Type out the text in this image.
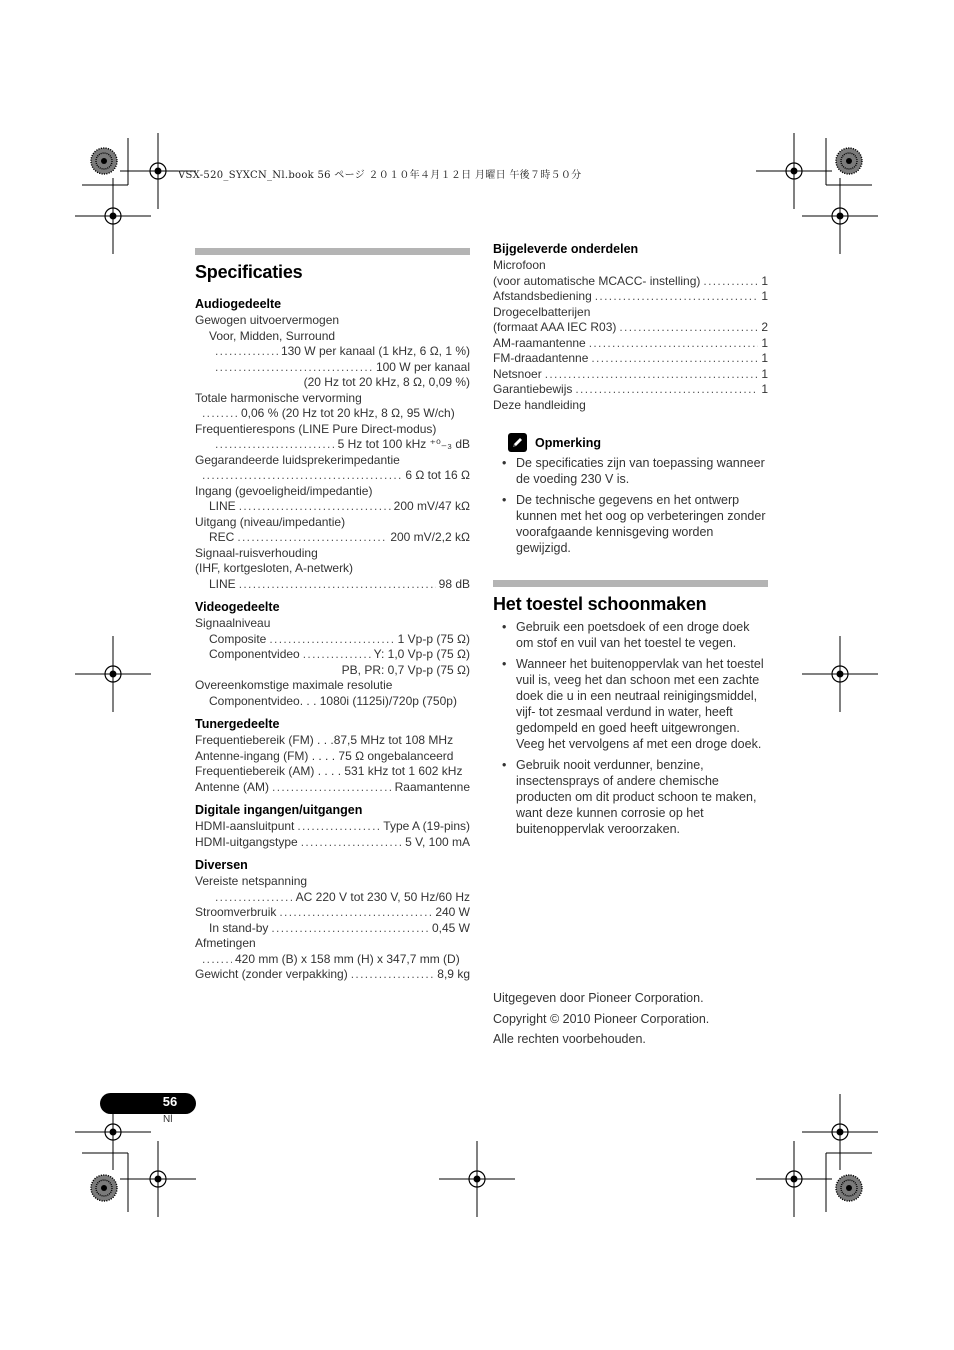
VSX-520_SYXCN_Nl.book 56 ページ ２０１０年４月１２日 月曜日 午後７時５０分
Specificaties
Audiogedeelte
Gewogen uitvoervermogen
Voor, Midden, Surround
. . .
130 W per kanaal (1 kHz, 6 Ω, 1 %)
. . .
100 W per kanaal
(20 Hz tot 20 kHz, 8 Ω, 0,09 %)
Totale harmonische vervorming
. . .
0,06 % (20 Hz tot 20 kHz, 8 Ω, 95 W/ch)
Frequentierespons (LINE Pure Direct-modus)
. . .
5 Hz tot 100 kHz ⁺⁰₋₃ dB
Gegarandeerde luidsprekerimpedantie
. . .
6 Ω tot 16 Ω
Ingang (gevoeligheid/impedantie)
LINE . . .	200 mV/47 kΩ
Uitgang (niveau/impedantie)
REC . . .	200 mV/2,2 kΩ
Signaal-ruisverhouding
(IHF, kortgesloten, A-netwerk)
LINE . . .	98 dB
Videogedeelte
Signaalniveau
Composite . . .	1 Vp-p (75 Ω)
Componentvideo . . .	Y: 1,0 Vp-p (75 Ω)
PB, PR: 0,7 Vp-p (75 Ω)
Overeenkomstige maximale resolutie
Componentvideo. . . 1080i (1125i)/720p (750p)
Tunergedeelte
Frequentiebereik (FM) . . .87,5 MHz tot 108 MHz
Antenne-ingang (FM) . . . . 75 Ω ongebalanceerd
Frequentiebereik (AM) . . . . 531 kHz tot 1 602 kHz
Antenne (AM) . . .	Raamantenne
Digitale ingangen/uitgangen
HDMI-aansluitpunt . . .	Type A (19-pins)
HDMI-uitgangstype . . .	5 V, 100 mA
Diversen
Vereiste netspanning
. . .
AC 220 V tot 230 V, 50 Hz/60 Hz
Stroomverbruik . . .	240 W
In stand-by . . .	0,45 W
Afmetingen
. . .
420 mm (B) x 158 mm (H) x 347,7 mm (D)
Gewicht (zonder verpakking) . . .	8,9 kg
Bijgeleverde onderdelen
Microfoon
(voor automatische MCACC- instelling) . . .	1
Afstandsbediening . . .	1
Drogecelbatterijen
(formaat AAA IEC R03) . . .	2
AM-raamantenne . . .	1
FM-draadantenne . . .	1
Netsnoer . . .	1
Garantiebewijs . . .	1
Deze handleiding
Opmerking
• De specificaties zijn van toepassing wanneer de voeding 230 V is.
• De technische gegevens en het ontwerp kunnen met het oog op verbeteringen zonder voorafgaande kennisgeving worden gewijzigd.
Het toestel schoonmaken
• Gebruik een poetsdoek of een droge doek om stof en vuil van het toestel te vegen.
• Wanneer het buitenoppervlak van het toestel vuil is, veeg het dan schoon met een zachte doek die u in een neutraal reinigingsmiddel, vijf- tot zesmaal verdund in water, heeft gedompeld en goed heeft uitgewrongen. Veeg het vervolgens af met een droge doek.
• Gebruik nooit verdunner, benzine, insectensprays of andere chemische producten om dit product schoon te maken, want deze kunnen corrosie op het buitenoppervlak veroorzaken.
Uitgegeven door Pioneer Corporation.
Copyright © 2010 Pioneer Corporation.
Alle rechten voorbehouden.
56
Nl
